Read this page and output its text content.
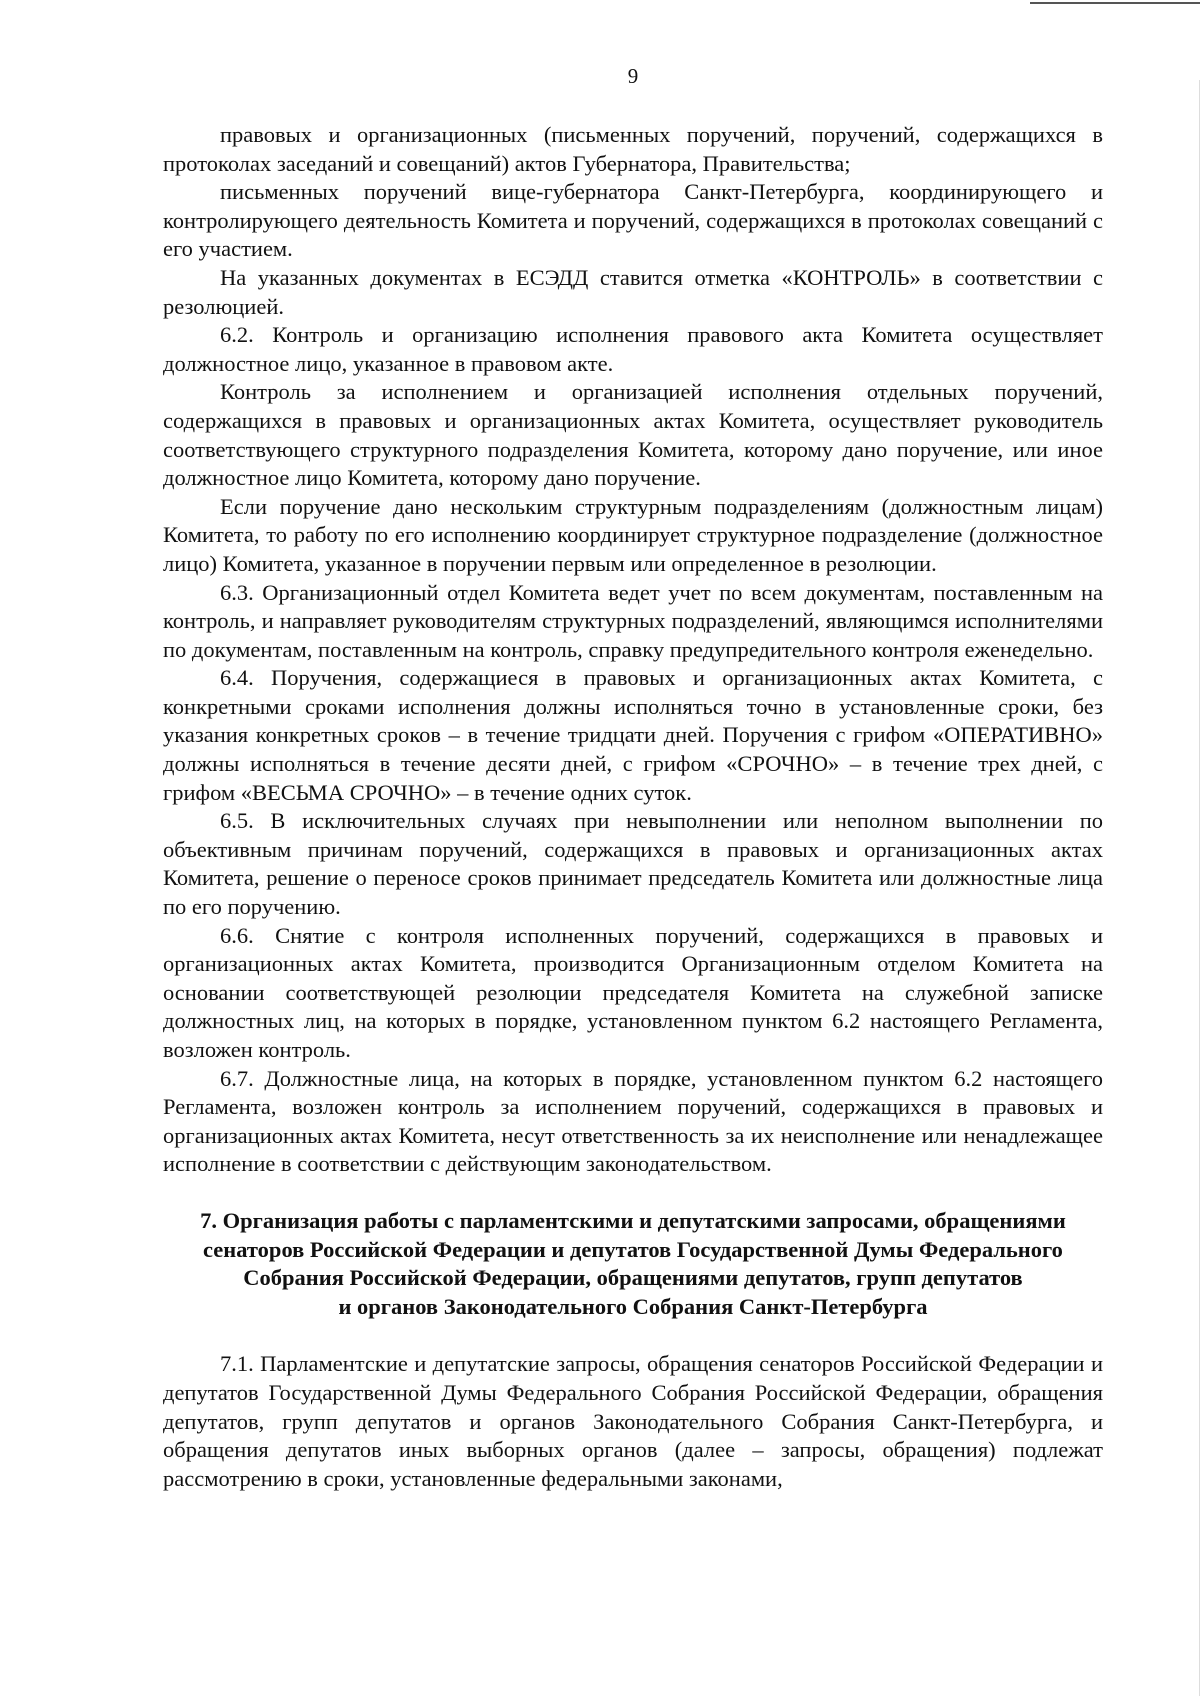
9

правовых и организационных (письменных поручений, поручений, содержащихся в протоколах заседаний и совещаний) актов Губернатора, Правительства;

письменных поручений вице-губернатора Санкт-Петербурга, координирующего и контролирующего деятельность Комитета и поручений, содержащихся в протоколах совещаний с его участием.

На указанных документах в ЕСЭДД ставится отметка «КОНТРОЛЬ» в соответствии с резолюцией.

6.2. Контроль и организацию исполнения правового акта Комитета осуществляет должностное лицо, указанное в правовом акте.

Контроль за исполнением и организацией исполнения отдельных поручений, содержащихся в правовых и организационных актах Комитета, осуществляет руководитель соответствующего структурного подразделения Комитета, которому дано поручение, или иное должностное лицо Комитета, которому дано поручение.

Если поручение дано нескольким структурным подразделениям (должностным лицам) Комитета, то работу по его исполнению координирует структурное подразделение (должностное лицо) Комитета, указанное в поручении первым или определенное в резолюции.

6.3. Организационный отдел Комитета ведет учет по всем документам, поставленным на контроль, и направляет руководителям структурных подразделений, являющимся исполнителями по документам, поставленным на контроль, справку предупредительного контроля еженедельно.

6.4. Поручения, содержащиеся в правовых и организационных актах Комитета, с конкретными сроками исполнения должны исполняться точно в установленные сроки, без указания конкретных сроков – в течение тридцати дней. Поручения с грифом «ОПЕРАТИВНО» должны исполняться в течение десяти дней, с грифом «СРОЧНО» – в течение трех дней, с грифом «ВЕСЬМА СРОЧНО» – в течение одних суток.

6.5. В исключительных случаях при невыполнении или неполном выполнении по объективным причинам поручений, содержащихся в правовых и организационных актах Комитета, решение о переносе сроков принимает председатель Комитета или должностные лица по его поручению.

6.6. Снятие с контроля исполненных поручений, содержащихся в правовых и организационных актах Комитета, производится Организационным отделом Комитета на основании соответствующей резолюции председателя Комитета на служебной записке должностных лиц, на которых в порядке, установленном пунктом 6.2 настоящего Регламента, возложен контроль.

6.7. Должностные лица, на которых в порядке, установленном пунктом 6.2 настоящего Регламента, возложен контроль за исполнением поручений, содержащихся в правовых и организационных актах Комитета, несут ответственность за их неисполнение или ненадлежащее исполнение в соответствии с действующим законодательством.

7. Организация работы с парламентскими и депутатскими запросами, обращениями
сенаторов Российской Федерации и депутатов Государственной Думы Федерального
Собрания Российской Федерации, обращениями депутатов, групп депутатов
и органов Законодательного Собрания Санкт-Петербурга

7.1. Парламентские и депутатские запросы, обращения сенаторов Российской Федерации и депутатов Государственной Думы Федерального Собрания Российской Федерации, обращения депутатов, групп депутатов и органов Законодательного Собрания Санкт-Петербурга, и обращения депутатов иных выборных органов (далее – запросы, обращения) подлежат рассмотрению в сроки, установленные федеральными законами,
